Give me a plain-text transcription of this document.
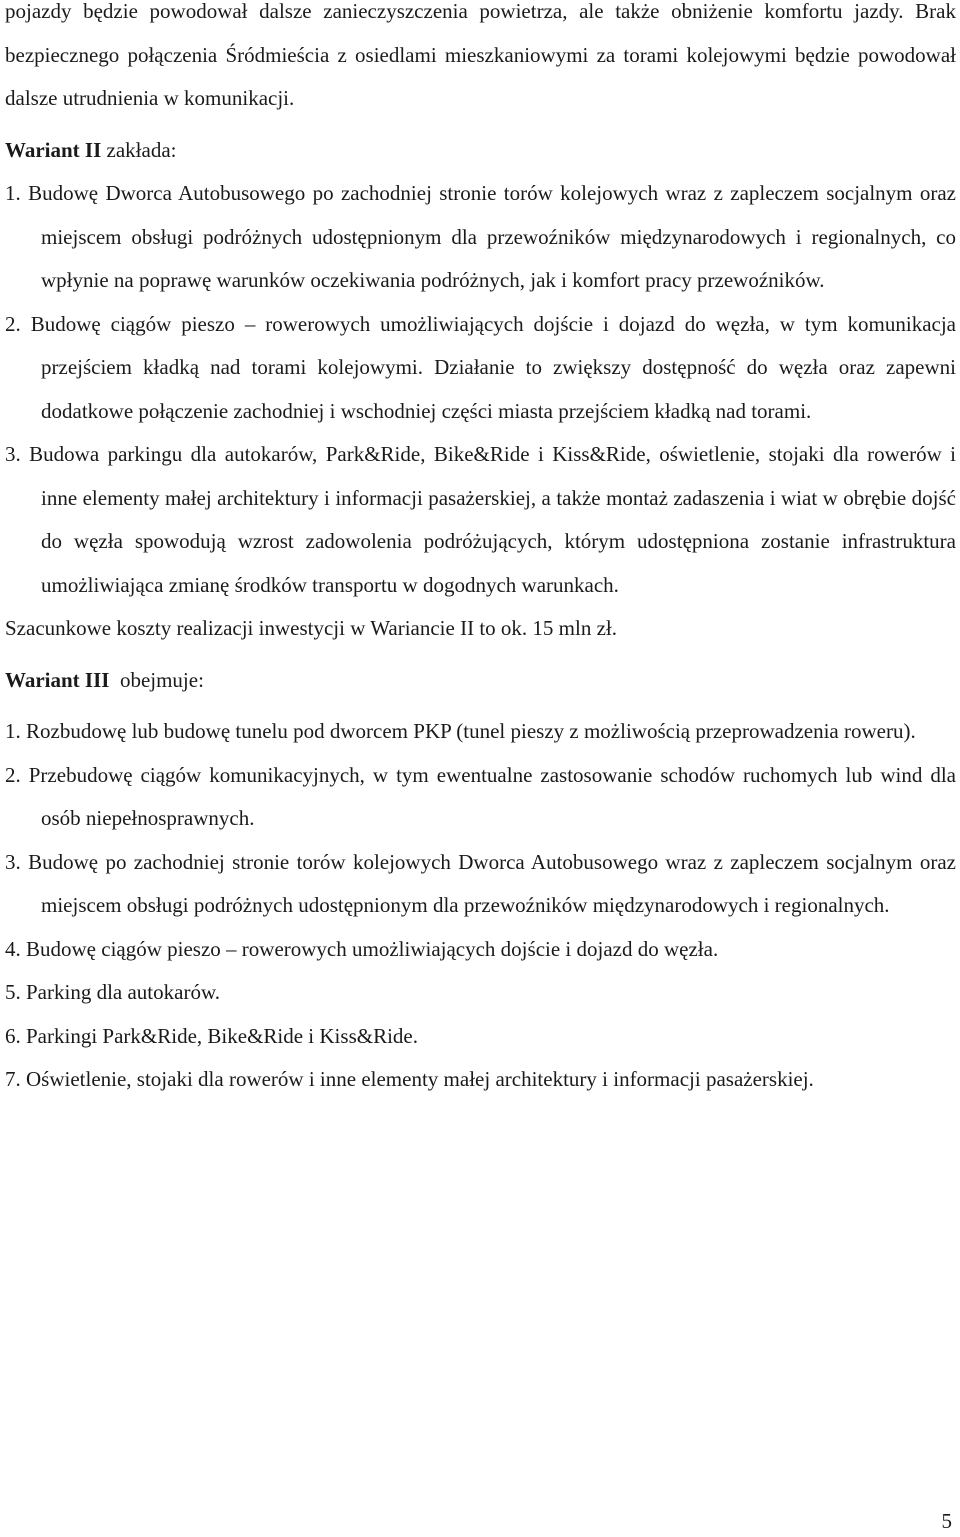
pojazdy będzie powodował dalsze zanieczyszczenia powietrza, ale także obniżenie komfortu jazdy. Brak bezpiecznego połączenia Śródmieścia z osiedlami mieszkaniowymi za torami kolejowymi będzie powodował dalsze utrudnienia w komunikacji.

Wariant II zakłada:

1. Budowę Dworca Autobusowego po zachodniej stronie torów kolejowych wraz z zapleczem socjalnym oraz miejscem obsługi podróżnych udostępnionym dla przewoźników międzynarodowych i regionalnych, co wpłynie na poprawę warunków oczekiwania podróżnych, jak i komfort pracy przewoźników.

2. Budowę ciągów pieszo – rowerowych umożliwiających dojście i dojazd do węzła, w tym komunikacja przejściem kładką nad torami kolejowymi. Działanie to zwiększy dostępność do węzła oraz zapewni dodatkowe połączenie zachodniej i wschodniej części miasta przejściem kładką nad torami.

3. Budowa parkingu dla autokarów, Park&Ride, Bike&Ride i Kiss&Ride, oświetlenie, stojaki dla rowerów i inne elementy małej architektury i informacji pasażerskiej, a także montaż zadaszenia i wiat w obrębie dojść do węzła spowodują wzrost zadowolenia podróżujących, którym udostępniona zostanie infrastruktura umożliwiająca zmianę środków transportu w dogodnych warunkach.

Szacunkowe koszty realizacji inwestycji w Wariancie II to ok. 15 mln zł.

Wariant III  obejmuje:

1. Rozbudowę lub budowę tunelu pod dworcem PKP (tunel pieszy z możliwością przeprowadzenia roweru).

2. Przebudowę ciągów komunikacyjnych, w tym ewentualne zastosowanie schodów ruchomych lub wind dla osób niepełnosprawnych.

3. Budowę po zachodniej stronie torów kolejowych Dworca Autobusowego wraz z zapleczem socjalnym oraz miejscem obsługi podróżnych udostępnionym dla przewoźników międzynarodowych i regionalnych.

4. Budowę ciągów pieszo – rowerowych umożliwiających dojście i dojazd do węzła.

5. Parking dla autokarów.

6. Parkingi Park&Ride, Bike&Ride i Kiss&Ride.

7. Oświetlenie, stojaki dla rowerów i inne elementy małej architektury i informacji pasażerskiej.

5
